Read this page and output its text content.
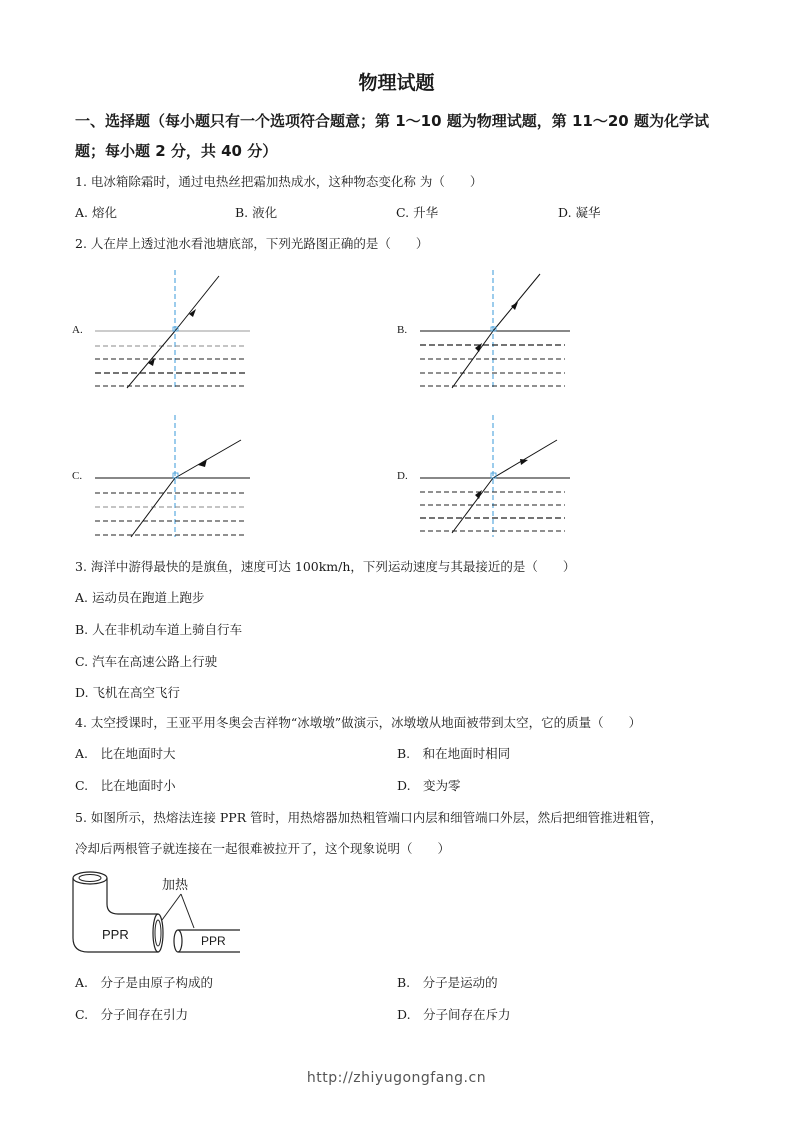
物理试题
一、选择题（每小题只有一个选项符合题意；第 1～10 题为物理试题，第 11～20 题为化学试
题；每小题 2 分，共 40 分）
1. 电冰箱除霜时，通过电热丝把霜加热成水，这种物态变化称 为（　　）
A. 熔化	B. 液化	C. 升华	D. 凝华
2. 人在岸上透过池水看池塘底部，下列光路图正确的是（　　）
A.	B.
C.	D.
3. 海洋中游得最快的是旗鱼，速度可达 100km/h，下列运动速度与其最接近的是（　　）
A. 运动员在跑道上跑步
B. 人在非机动车道上骑自行车
C. 汽车在高速公路上行驶
D. 飞机在高空飞行
4. 太空授课时，王亚平用冬奥会吉祥物“冰墩墩”做演示，冰墩墩从地面被带到太空，它的质量（　　）
A.　比在地面时大	B.　和在地面时相同
C.　比在地面时小	D.　变为零
5. 如图所示，热熔法连接 PPR 管时，用热熔器加热粗管端口内层和细管端口外层，然后把细管推进粗管，
冷却后两根管子就连接在一起很难被拉开了，这个现象说明（　　）
加热
PPR	PPR
A.　分子是由原子构成的	B.　分子是运动的
C.　分子间存在引力	D.　分子间存在斥力
http://zhiyugongfang.cn
